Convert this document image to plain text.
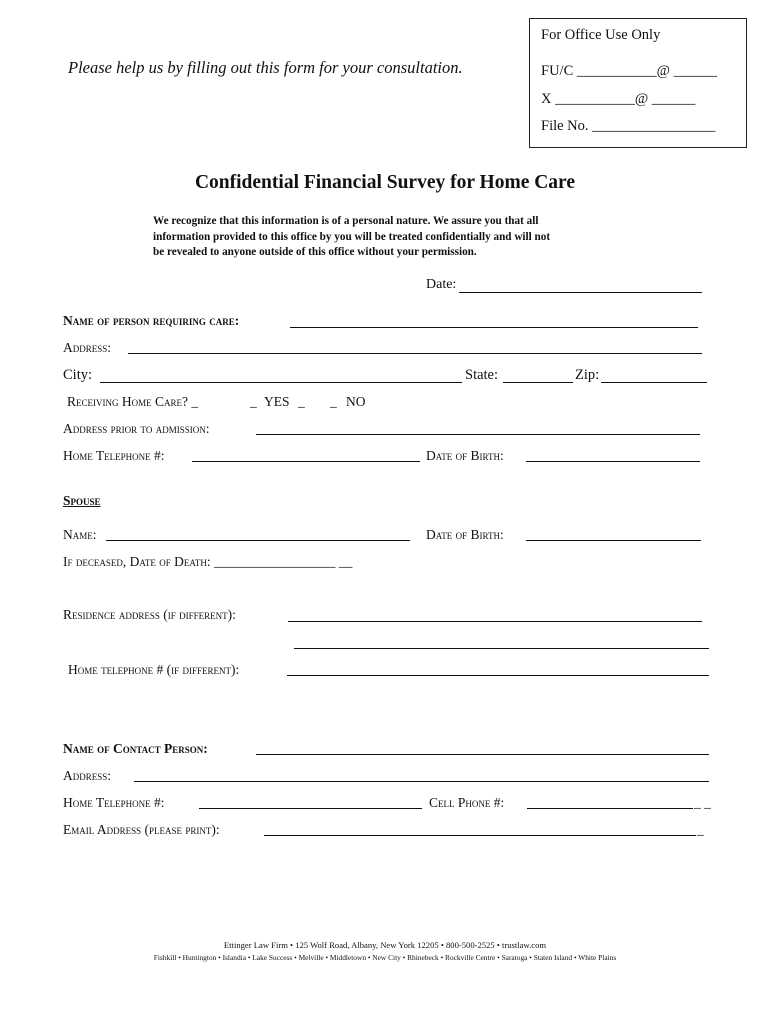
For Office Use Only
FU/C ___________@ ______
X ___________@ ______
File No. _________________
Please help us by filling out this form for your consultation.
Confidential Financial Survey for Home Care
We recognize that this information is of a personal nature. We assure you that all
information provided to this office by you will be treated confidentially and will not
be revealed to anyone outside of this office without your permission.
Date:
Name of person requiring care:
Address:
City:	State:	Zip:
Receiving Home Care? _	_ YES _ _ NO
Address prior to admission:
Home Telephone #:	Date of Birth:
Spouse
Name:	Date of Birth:
If deceased, Date of Death: __________________ __
Residence address (if different):
Home telephone # (if different):
Name of Contact Person:
Address:
Home Telephone #:	Cell Phone #:	_ _
Email Address (please print):	_
Ettinger Law Firm • 125 Wolf Road, Albany, New York 12205 • 800-500-2525 • trustlaw.com
Fishkill • Huntington • Islandia • Lake Success • Melville • Middletown • New City • Rhinebeck • Rockville Centre • Saratoga • Staten Island • White Plains
